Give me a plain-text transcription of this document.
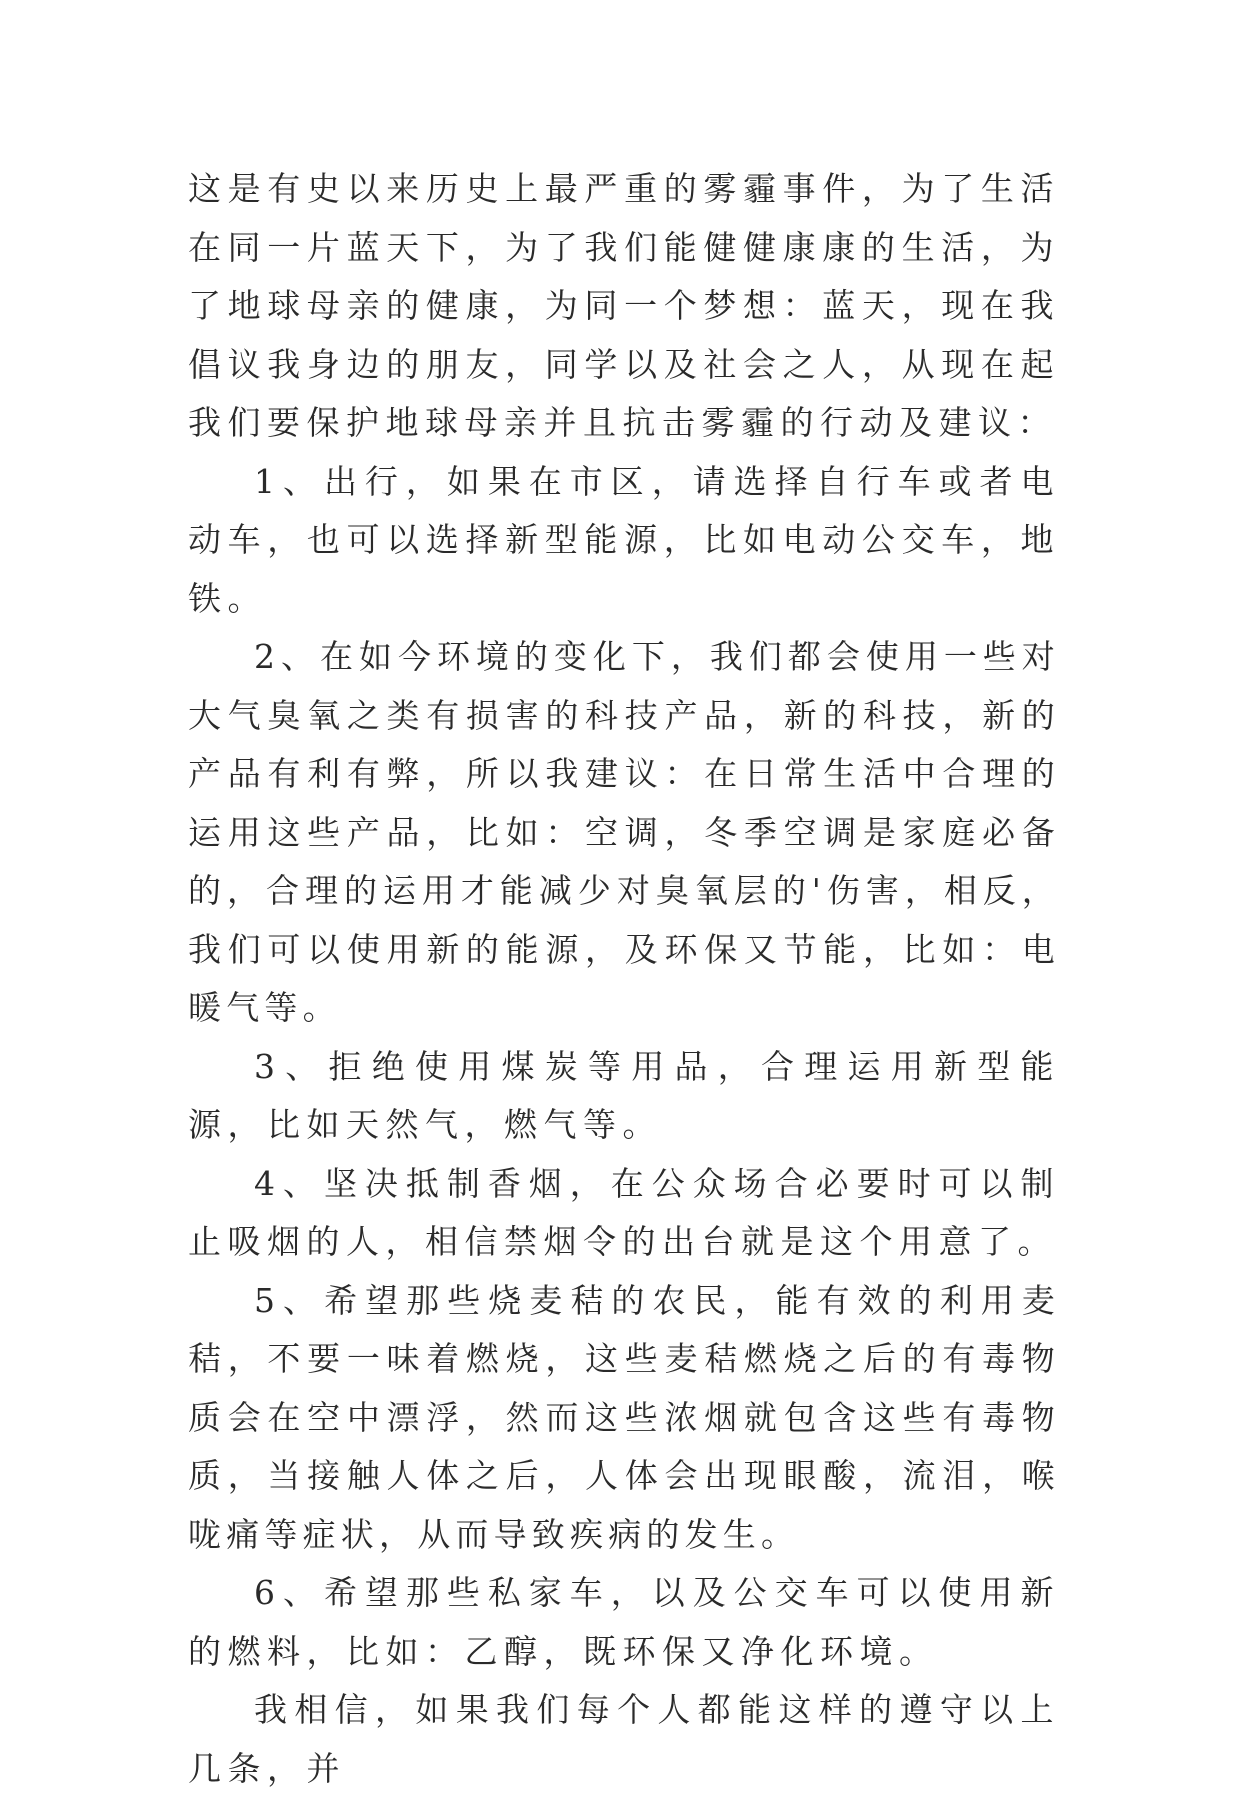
这是有史以来历史上最严重的雾霾事件，为了生活在同一片蓝天下，为了我们能健健康康的生活，为了地球母亲的健康，为同一个梦想：蓝天，现在我倡议我身边的朋友，同学以及社会之人，从现在起我们要保护地球母亲并且抗击雾霾的行动及建议：

1、出行，如果在市区，请选择自行车或者电动车，也可以选择新型能源，比如电动公交车，地铁。

2、在如今环境的变化下，我们都会使用一些对大气臭氧之类有损害的科技产品，新的科技，新的产品有利有弊，所以我建议：在日常生活中合理的运用这些产品，比如：空调，冬季空调是家庭必备的，合理的运用才能减少对臭氧层的'伤害，相反，我们可以使用新的能源，及环保又节能，比如：电暖气等。

3、拒绝使用煤炭等用品，合理运用新型能源，比如天然气，燃气等。

4、坚决抵制香烟，在公众场合必要时可以制止吸烟的人，相信禁烟令的出台就是这个用意了。

5、希望那些烧麦秸的农民，能有效的利用麦秸，不要一味着燃烧，这些麦秸燃烧之后的有毒物质会在空中漂浮，然而这些浓烟就包含这些有毒物质，当接触人体之后，人体会出现眼酸，流泪，喉咙痛等症状，从而导致疾病的发生。

6、希望那些私家车，以及公交车可以使用新的燃料，比如：乙醇，既环保又净化环境。

我相信，如果我们每个人都能这样的遵守以上几条，并
